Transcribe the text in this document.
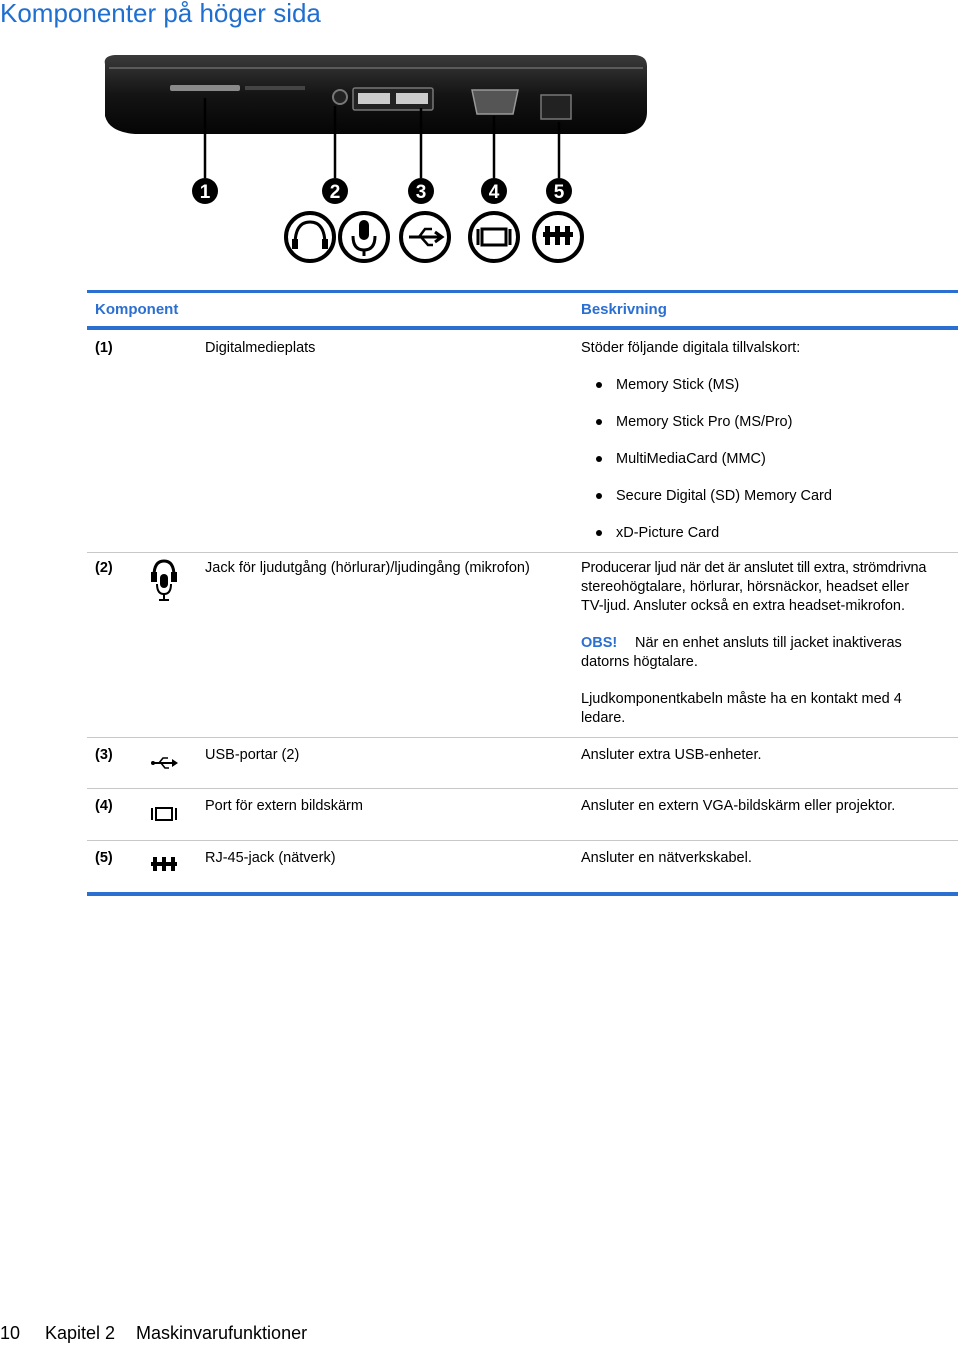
Komponenter på höger sida
1	2	3	4	5
Komponent	Beskrivning
(1)	Digitalmedieplats	Stöder följande digitala tillvalskort:
Memory Stick (MS)
Memory Stick Pro (MS/Pro)
MultiMediaCard (MMC)
Secure Digital (SD) Memory Card
xD-Picture Card
(2)	Jack för ljudutgång (hörlurar)/ljudingång (mikrofon)	Producerar ljud när det är anslutet till extra, strömdrivna
stereohögtalare, hörlurar, hörsnäckor, headset eller
TV-ljud. Ansluter också en extra headset-mikrofon.
OBS! När en enhet ansluts till jacket inaktiveras
datorns högtalare.
Ljudkomponentkabeln måste ha en kontakt med 4
ledare.
(3)	USB-portar (2)	Ansluter extra USB-enheter.
(4)	Port för extern bildskärm	Ansluter en extern VGA-bildskärm eller projektor.
(5)	RJ-45-jack (nätverk)	Ansluter en nätverkskabel.
10 Kapitel 2 Maskinvarufunktioner
